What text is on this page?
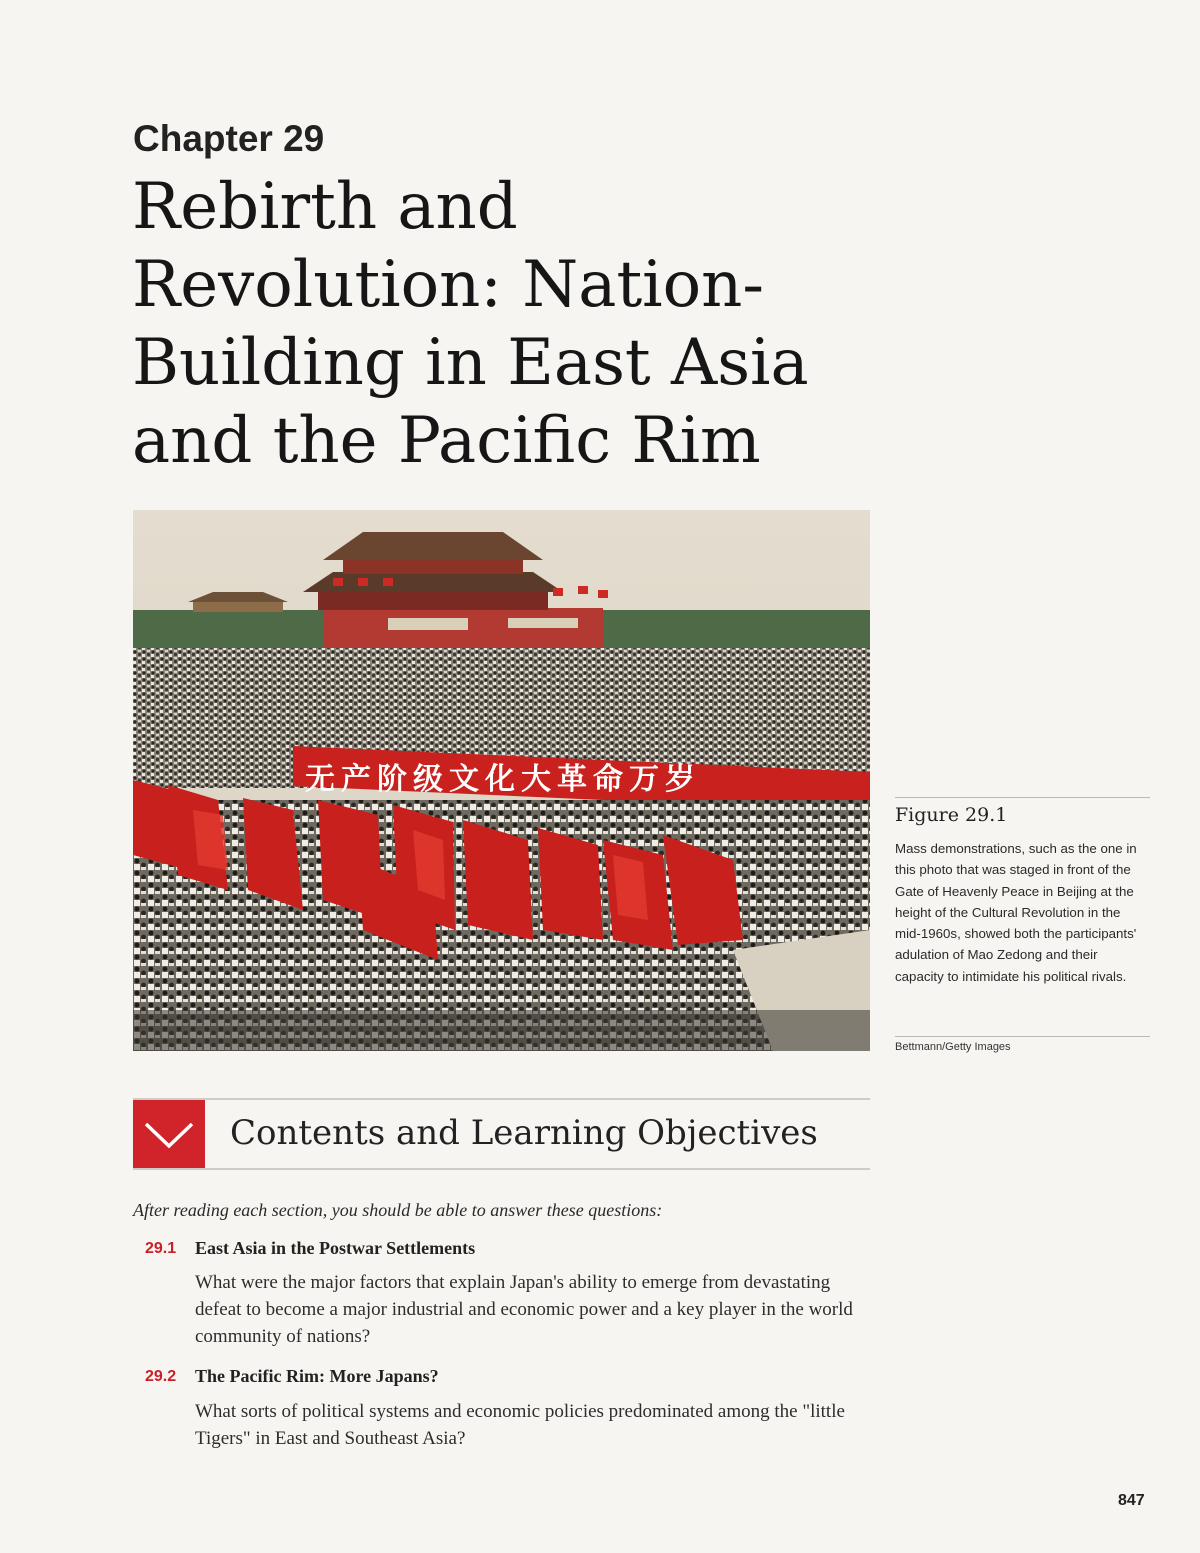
Chapter 29
Rebirth and
Revolution: Nation-
Building in East Asia
and the Pacific Rim
无产阶级文化大革命万岁
Figure 29.1
Mass demonstrations, such as the one in this photo that was staged in front of the Gate of Heavenly Peace in Beijing at the height of the Cultural Revolution in the mid-1960s, showed both the participants' adulation of Mao Zedong and their capacity to intimidate his political rivals.
Bettmann/Getty Images
Contents and Learning Objectives
After reading each section, you should be able to answer these questions:
29.1 East Asia in the Postwar Settlements
What were the major factors that explain Japan's ability to emerge from devastating defeat to become a major industrial and economic power and a key player in the world community of nations?
29.2 The Pacific Rim: More Japans?
What sorts of political systems and economic policies predominated among the "little Tigers" in East and Southeast Asia?
847
